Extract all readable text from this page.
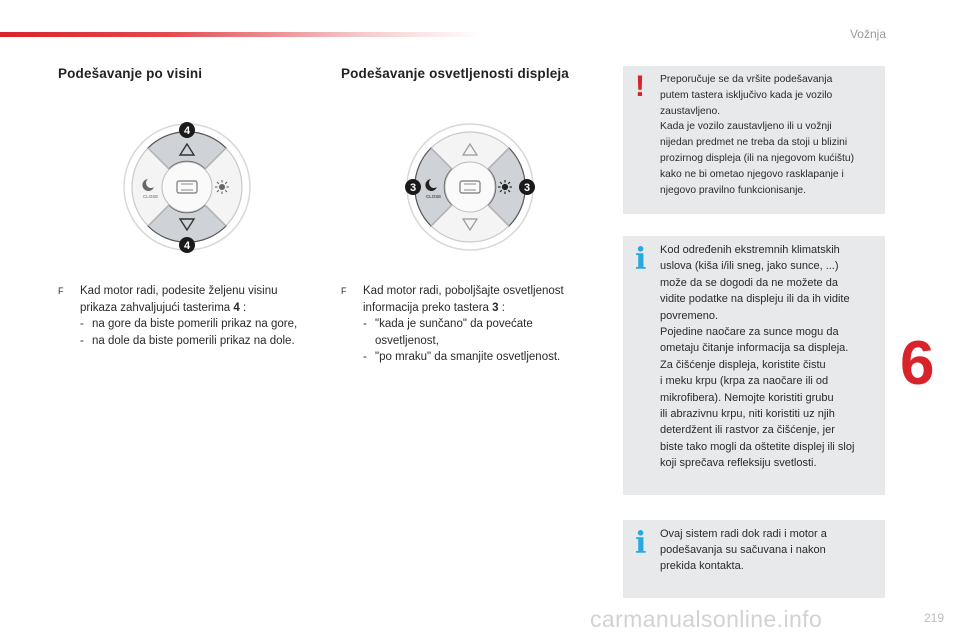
Vožnja
Podešavanje po visini
CLOSE
4
4
F Kad motor radi, podesite željenu visinu
prikaza zahvaljujući tasterima 4 :
- na gore da biste pomerili prikaz na gore,
- na dole da biste pomerili prikaz na dole.
Podešavanje osvetljenosti displeja
CLOSE
3	3
F Kad motor radi, poboljšajte osvetljenost
informacija preko tastera 3 :
- "kada je sunčano" da povećate
osvetljenost,
- "po mraku" da smanjite osvetljenost.
! Preporučuje se da vršite podešavanja
putem tastera isključivo kada je vozilo
zaustavljeno.
Kada je vozilo zaustavljeno ili u vožnji
nijedan predmet ne treba da stoji u blizini
prozirnog displeja (ili na njegovom kućištu)
kako ne bi ometao njegovo rasklapanje i
njegovo pravilno funkcionisanje.
i Kod određenih ekstremnih klimatskih
uslova (kiša i/ili sneg, jako sunce, ...)
može da se dogodi da ne možete da
vidite podatke na displeju ili da ih vidite
povremeno.
Pojedine naočare za sunce mogu da
ometaju čitanje informacija sa displeja.
Za čišćenje displeja, koristite čistu
i meku krpu (krpa za naočare ili od
mikrofibera). Nemojte koristiti grubu
ili abrazivnu krpu, niti koristiti uz njih
deterdžent ili rastvor za čišćenje, jer
biste tako mogli da oštetite displej ili sloj
koji sprečava refleksiju svetlosti.
i Ovaj sistem radi dok radi i motor a
podešavanja su sačuvana i nakon
prekida kontakta.
6
carmanualsonline.info	219
